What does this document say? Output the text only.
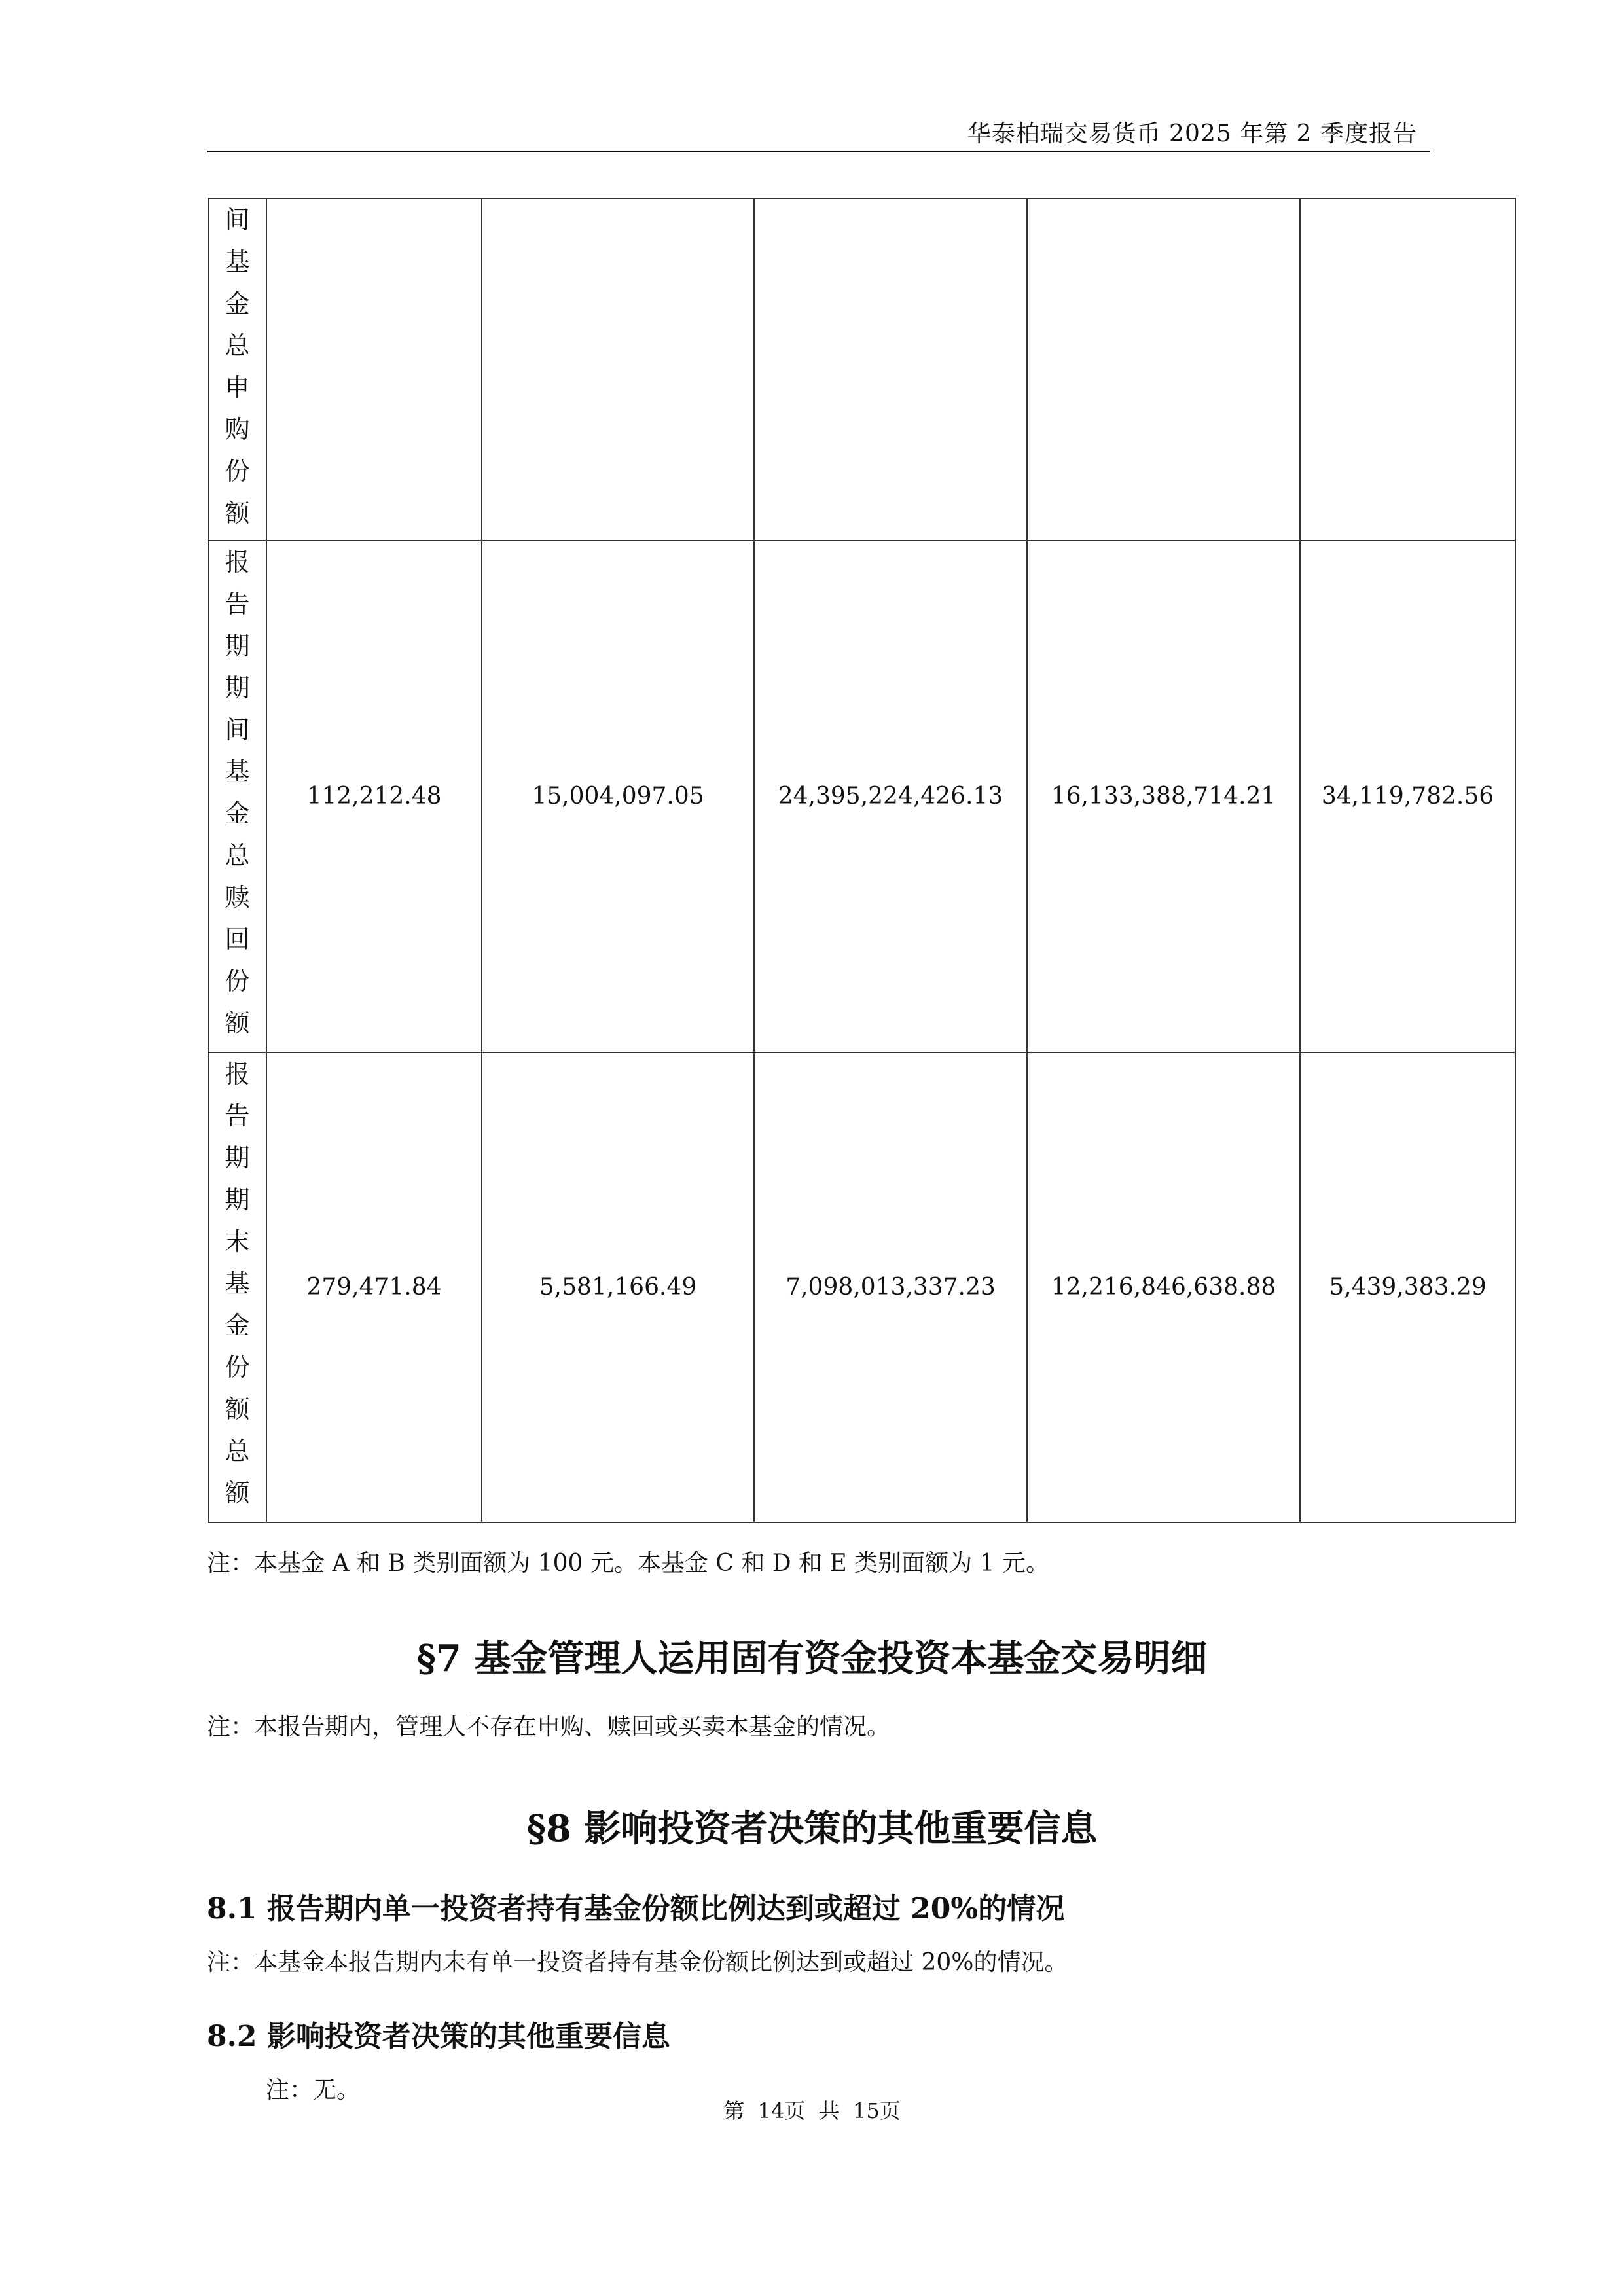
华泰柏瑞交易货币 2025 年第 2 季度报告
间基金总申购份额					

报告期期间基金总赎回份额	112,212.48	15,004,097.05	24,395,224,426.13	16,133,388,714.21	34,119,782.56

报告期期末基金份额总额	279,471.84	5,581,166.49	7,098,013,337.23	12,216,846,638.88	5,439,383.29
注：本基金 A 和 B 类别面额为 100 元。本基金 C 和 D 和 E 类别面额为 1 元。
§7 基金管理人运用固有资金投资本基金交易明细
注：本报告期内，管理人不存在申购、赎回或买卖本基金的情况。
§8 影响投资者决策的其他重要信息
8.1 报告期内单一投资者持有基金份额比例达到或超过 20%的情况
注：本基金本报告期内未有单一投资者持有基金份额比例达到或超过 20%的情况。
8.2 影响投资者决策的其他重要信息
注：无。
第  14页  共  15页
